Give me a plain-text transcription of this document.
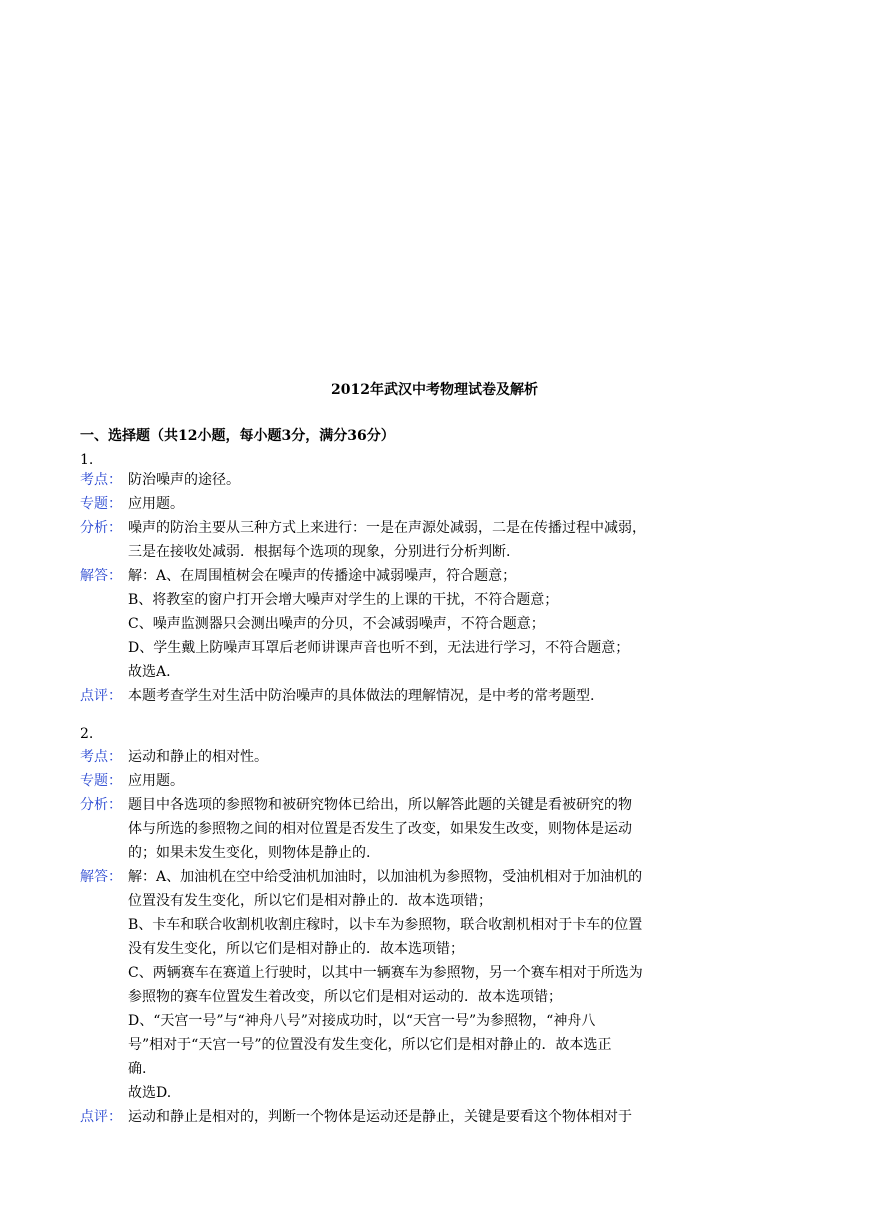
2012年武汉中考物理试卷及解析
一、选择题（共12小题，每小题3分，满分36分）
1.
考点： 防治噪声的途径。
专题： 应用题。
分析： 噪声的防治主要从三种方式上来进行：一是在声源处减弱，二是在传播过程中减弱，
三是在接收处减弱．根据每个选项的现象，分别进行分析判断.
解答： 解：A、在周围植树会在噪声的传播途中减弱噪声，符合题意；
B、将教室的窗户打开会增大噪声对学生的上课的干扰，不符合题意；
C、噪声监测器只会测出噪声的分贝，不会减弱噪声，不符合题意；
D、学生戴上防噪声耳罩后老师讲课声音也听不到，无法进行学习，不符合题意；
故选A.
点评： 本题考查学生对生活中防治噪声的具体做法的理解情况，是中考的常考题型.
2.
考点： 运动和静止的相对性。
专题： 应用题。
分析： 题目中各选项的参照物和被研究物体已给出，所以解答此题的关键是看被研究的物
体与所选的参照物之间的相对位置是否发生了改变，如果发生改变，则物体是运动
的；如果未发生变化，则物体是静止的.
解答： 解：A、加油机在空中给受油机加油时，以加油机为参照物，受油机相对于加油机的
位置没有发生变化，所以它们是相对静止的．故本选项错；
B、卡车和联合收割机收割庄稼时，以卡车为参照物，联合收割机相对于卡车的位置
没有发生变化，所以它们是相对静止的．故本选项错；
C、两辆赛车在赛道上行驶时，以其中一辆赛车为参照物，另一个赛车相对于所选为
参照物的赛车位置发生着改变，所以它们是相对运动的．故本选项错；
D、“天宫一号”与“神舟八号”对接成功时，以“天宫一号”为参照物，“神舟八
号”相对于“天宫一号”的位置没有发生变化，所以它们是相对静止的．故本选正
确.
故选D.
点评： 运动和静止是相对的，判断一个物体是运动还是静止，关键是要看这个物体相对于
